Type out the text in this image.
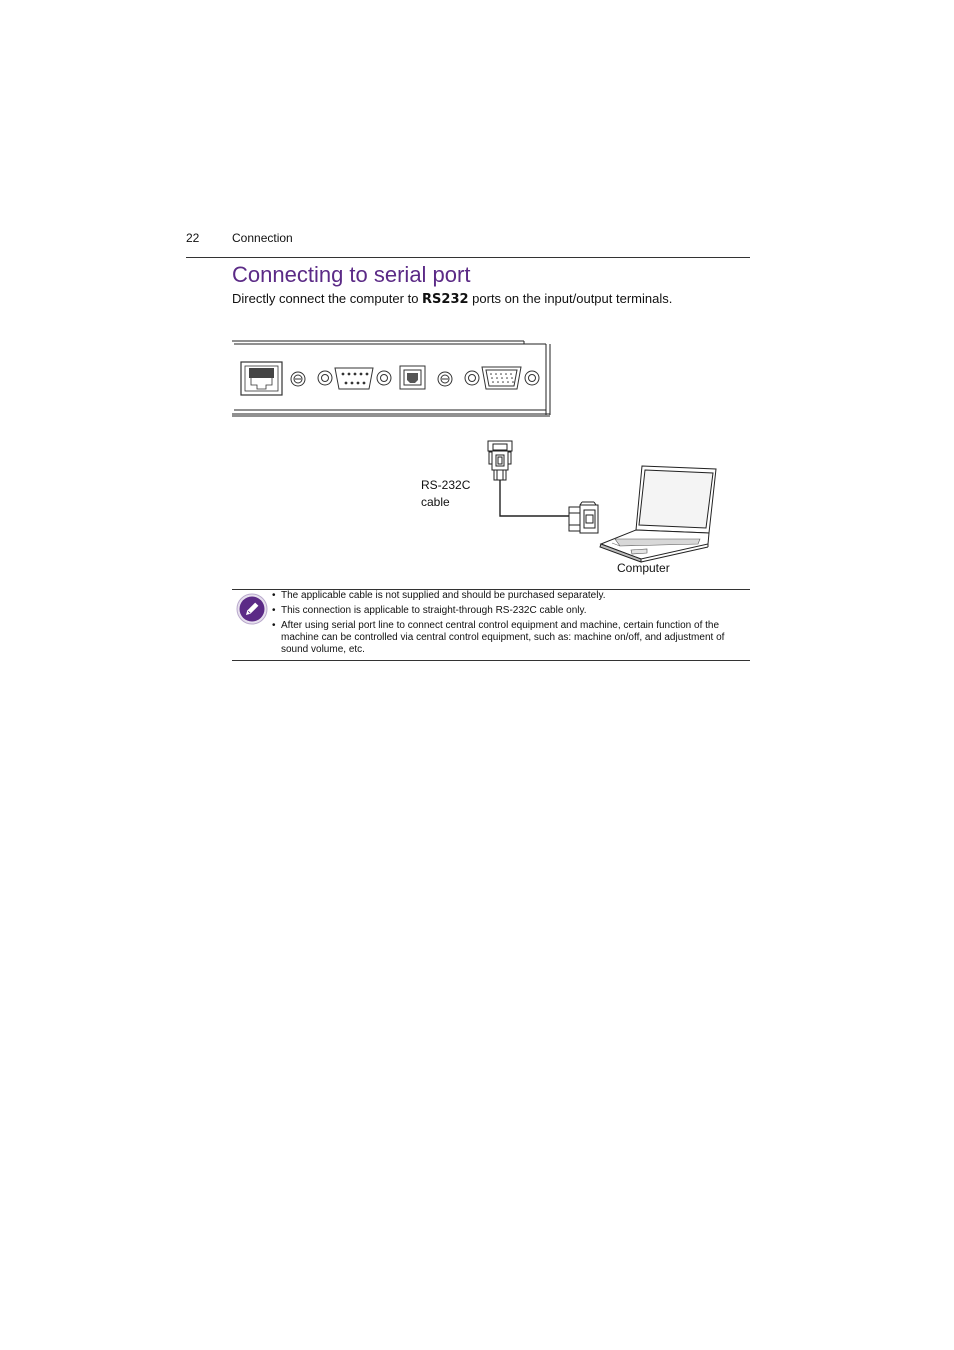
22	Connection
Connecting to serial port

Directly connect the computer to RS232 ports on the input/output terminals.

RS-232C
cable
Computer
• The applicable cable is not supplied and should be purchased separately.
• This connection is applicable to straight-through RS-232C cable only.
• After using serial port line to connect central control equipment and machine, certain function of the machine can be controlled via central control equipment, such as: machine on/off, and adjustment of sound volume, etc.
